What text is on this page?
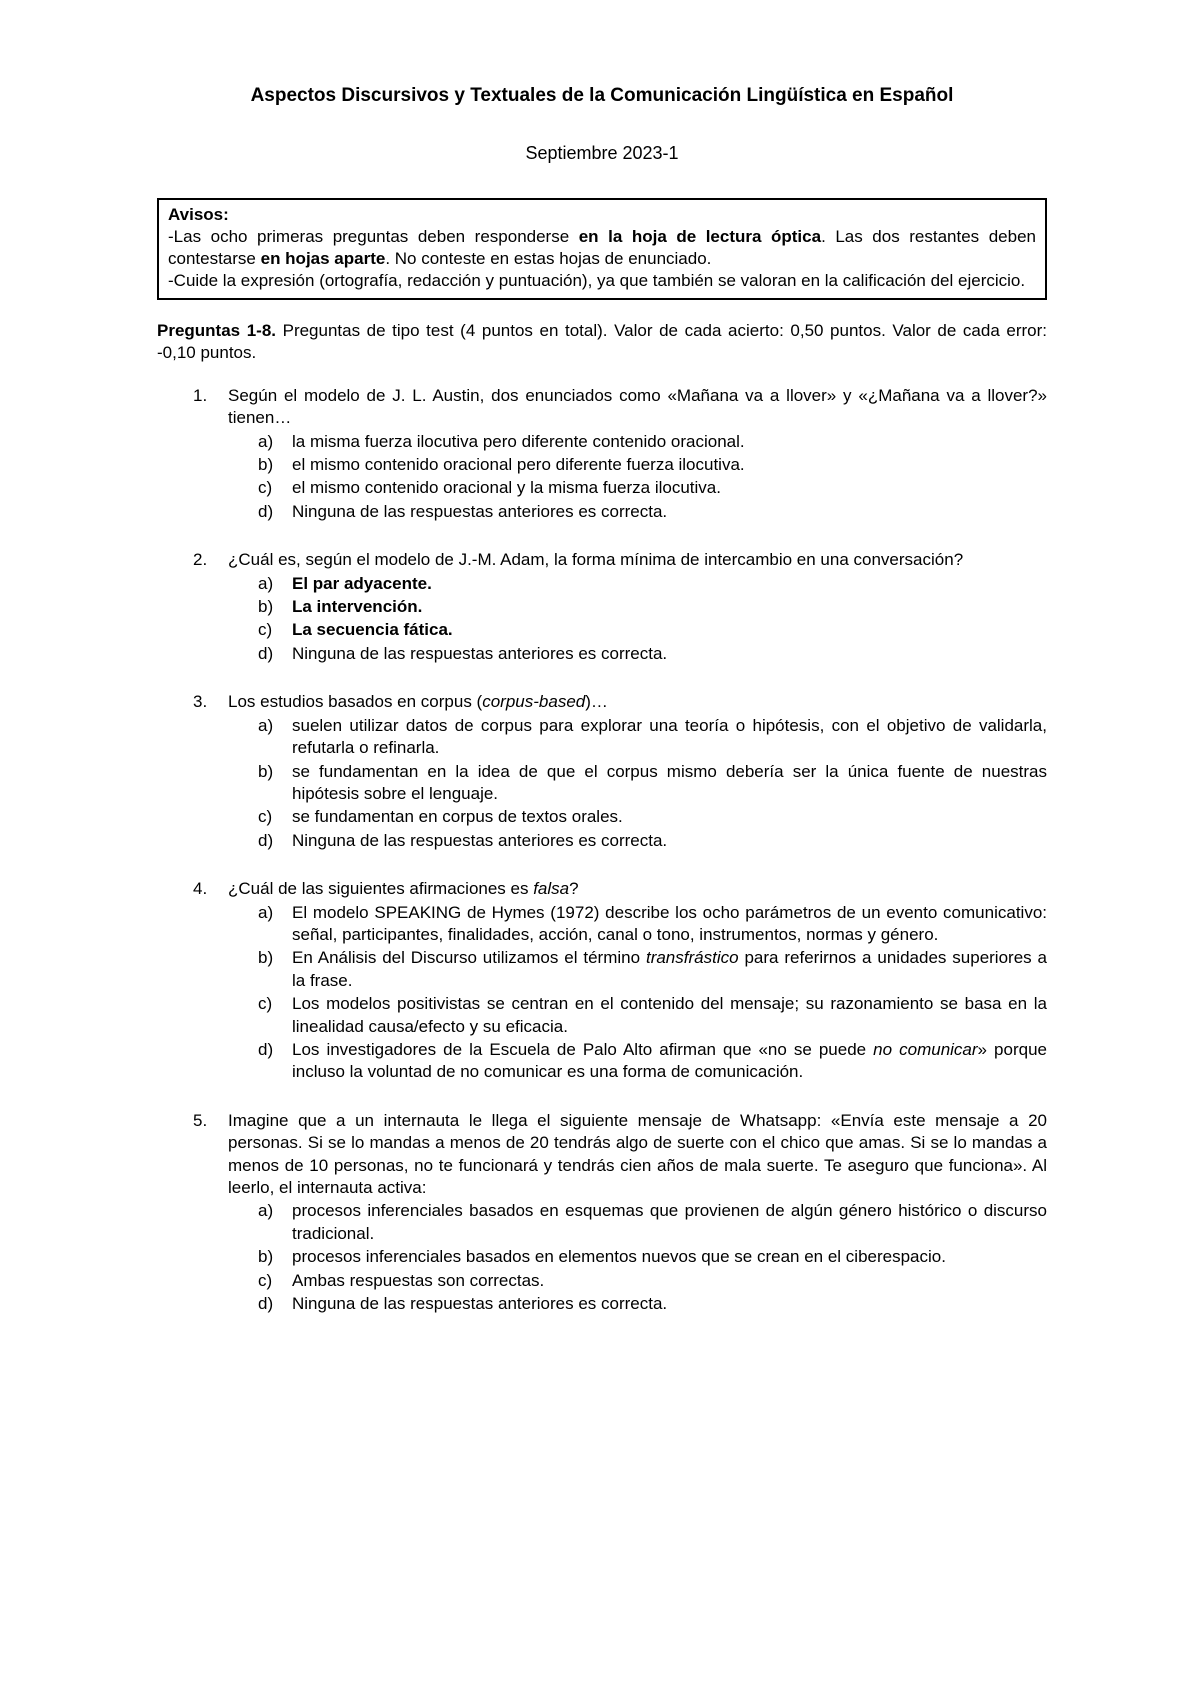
Aspectos Discursivos y Textuales de la Comunicación Lingüística en Español
Septiembre 2023-1
Avisos:
-Las ocho primeras preguntas deben responderse en la hoja de lectura óptica. Las dos restantes deben contestarse en hojas aparte. No conteste en estas hojas de enunciado.
-Cuide la expresión (ortografía, redacción y puntuación), ya que también se valoran en la calificación del ejercicio.
Preguntas 1-8. Preguntas de tipo test (4 puntos en total). Valor de cada acierto: 0,50 puntos. Valor de cada error: -0,10 puntos.
1.	Según el modelo de J. L. Austin, dos enunciados como «Mañana va a llover» y «¿Mañana va a llover?» tienen…
a)	la misma fuerza ilocutiva pero diferente contenido oracional.
b)	el mismo contenido oracional pero diferente fuerza ilocutiva.
c)	el mismo contenido oracional y la misma fuerza ilocutiva.
d)	Ninguna de las respuestas anteriores es correcta.
2.	¿Cuál es, según el modelo de J.-M. Adam, la forma mínima de intercambio en una conversación?
a)	El par adyacente.
b)	La intervención.
c)	La secuencia fática.
d)	Ninguna de las respuestas anteriores es correcta.
3.	Los estudios basados en corpus (corpus-based)…
a)	suelen utilizar datos de corpus para explorar una teoría o hipótesis, con el objetivo de validarla, refutarla o refinarla.
b)	se fundamentan en la idea de que el corpus mismo debería ser la única fuente de nuestras hipótesis sobre el lenguaje.
c)	se fundamentan en corpus de textos orales.
d)	Ninguna de las respuestas anteriores es correcta.
4.	¿Cuál de las siguientes afirmaciones es falsa?
a)	El modelo SPEAKING de Hymes (1972) describe los ocho parámetros de un evento comunicativo: señal, participantes, finalidades, acción, canal o tono, instrumentos, normas y género.
b)	En Análisis del Discurso utilizamos el término transfrástico para referirnos a unidades superiores a la frase.
c)	Los modelos positivistas se centran en el contenido del mensaje; su razonamiento se basa en la linealidad causa/efecto y su eficacia.
d)	Los investigadores de la Escuela de Palo Alto afirman que «no se puede no comunicar» porque incluso la voluntad de no comunicar es una forma de comunicación.
5.	Imagine que a un internauta le llega el siguiente mensaje de Whatsapp: «Envía este mensaje a 20 personas. Si se lo mandas a menos de 20 tendrás algo de suerte con el chico que amas. Si se lo mandas a menos de 10 personas, no te funcionará y tendrás cien años de mala suerte. Te aseguro que funciona». Al leerlo, el internauta activa:
a)	procesos inferenciales basados en esquemas que provienen de algún género histórico o discurso tradicional.
b)	procesos inferenciales basados en elementos nuevos que se crean en el ciberespacio.
c)	Ambas respuestas son correctas.
d)	Ninguna de las respuestas anteriores es correcta.
